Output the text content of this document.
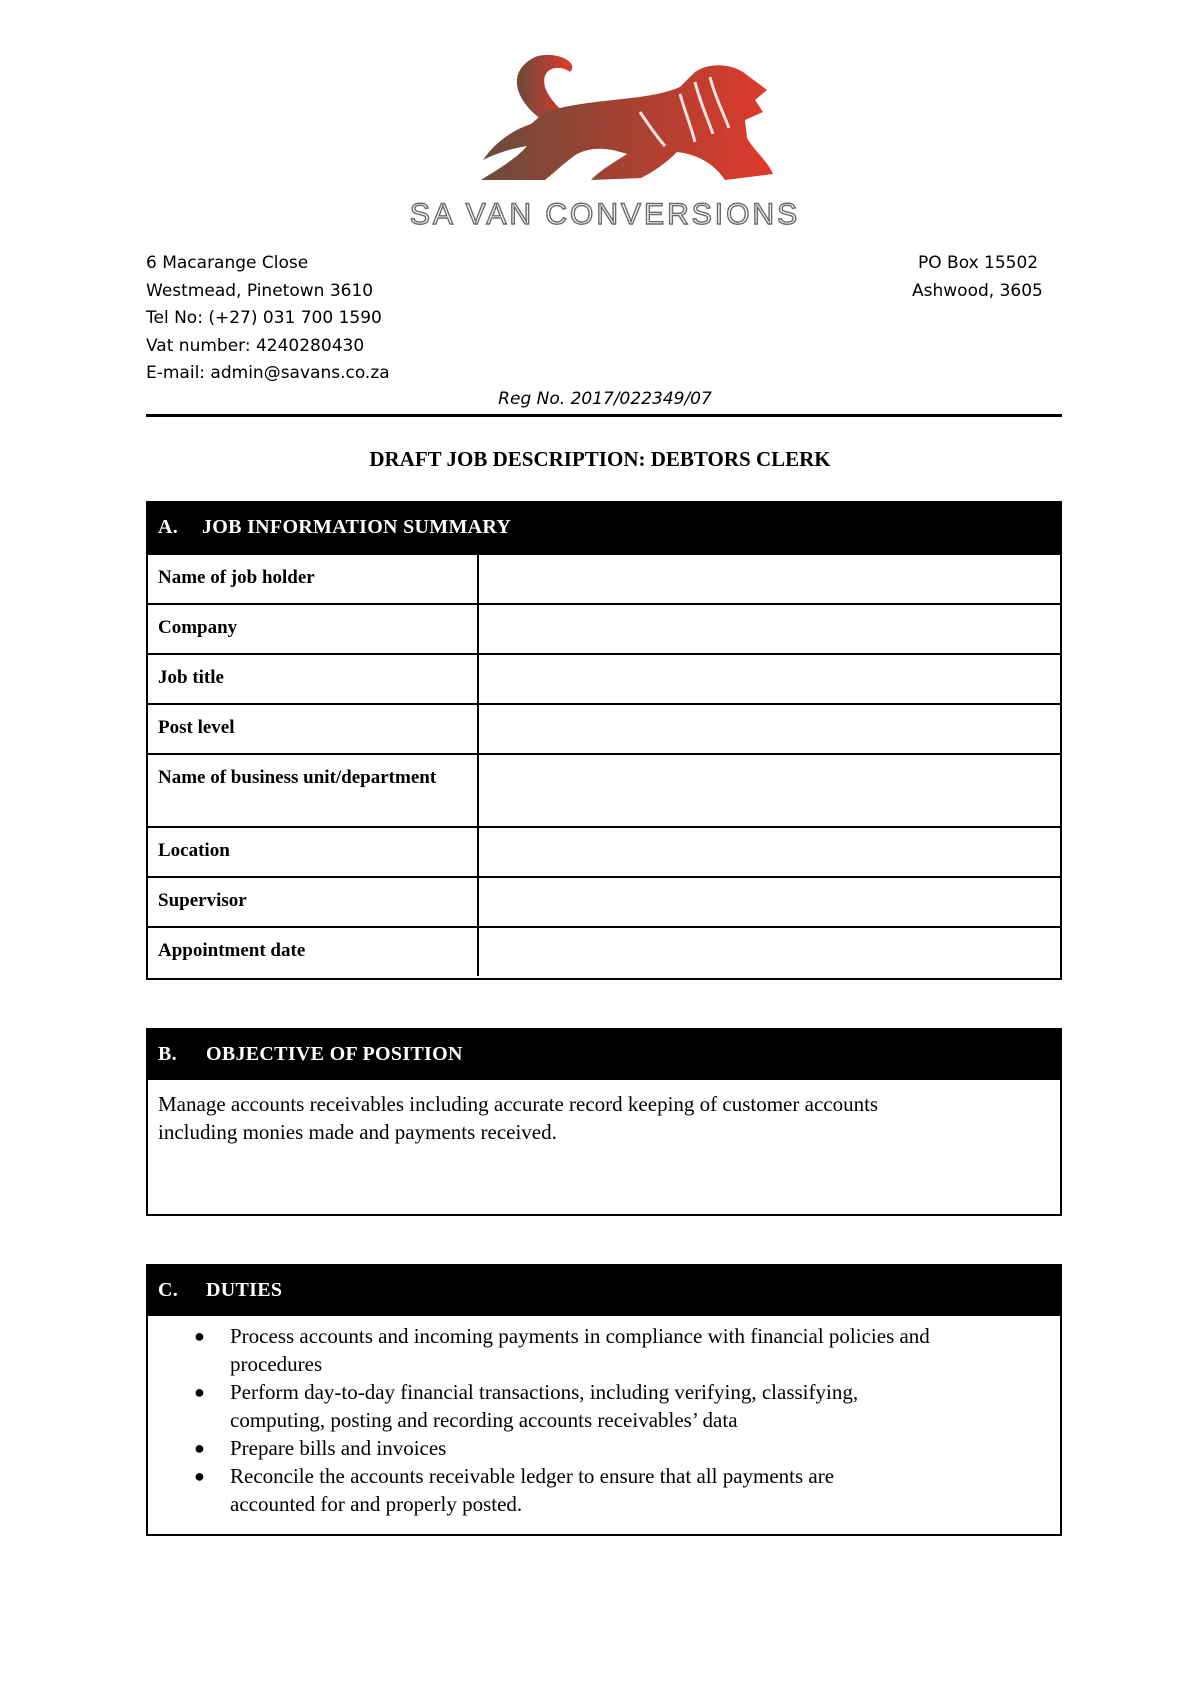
SA VAN CONVERSIONS
6 Macarange Close
Westmead, Pinetown 3610
Tel No: (+27) 031 700 1590
Vat number: 4240280430
E-mail: admin@savans.co.za
PO Box 15502
Ashwood, 3605
Reg No. 2017/022349/07
DRAFT JOB DESCRIPTION: DEBTORS CLERK
A. JOB INFORMATION SUMMARY
Name of job holder	
Company	
Job title	
Post level	
Name of business unit/department	
Location	
Supervisor	
Appointment date	
B. OBJECTIVE OF POSITION
Manage accounts receivables including accurate record keeping of customer accounts
including monies made and payments received.
C. DUTIES
● Process accounts and incoming payments in compliance with financial policies and
procedures
● Perform day-to-day financial transactions, including verifying, classifying,
computing, posting and recording accounts receivables’ data
● Prepare bills and invoices
● Reconcile the accounts receivable ledger to ensure that all payments are
accounted for and properly posted.
